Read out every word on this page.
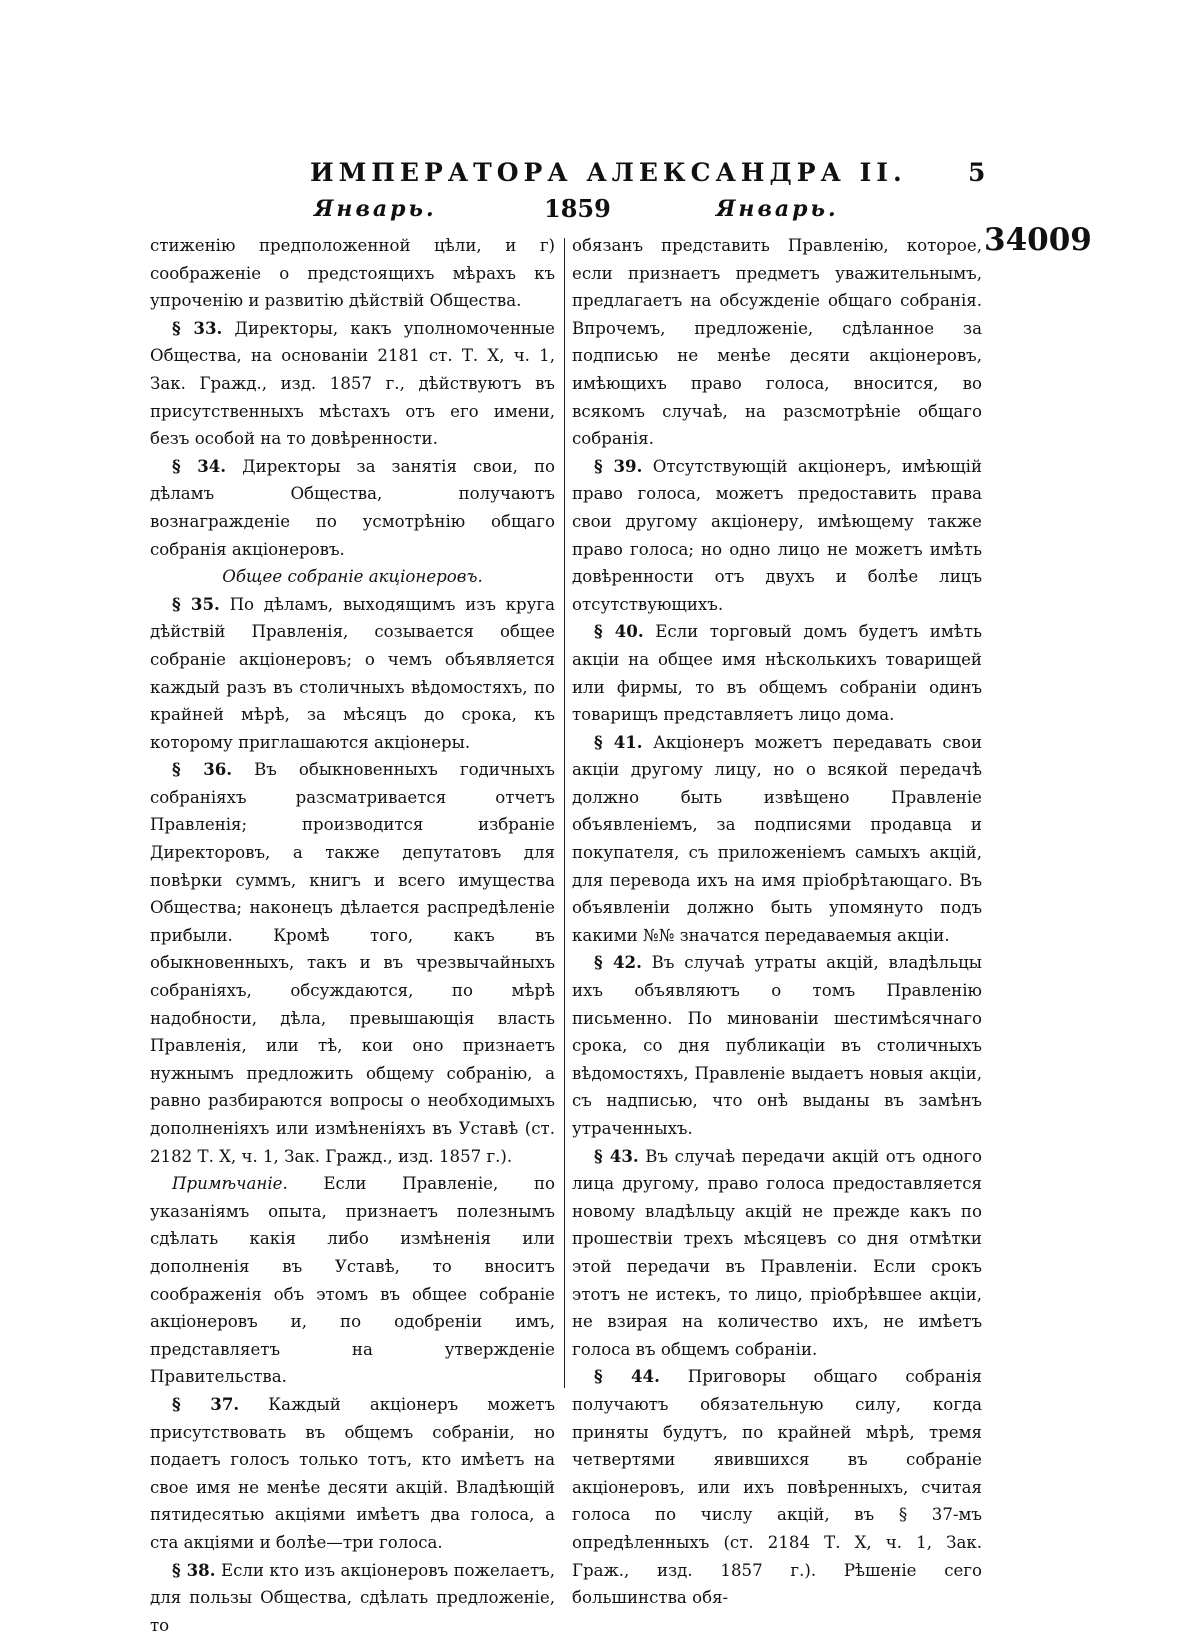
ИМПЕРАТОРА АЛЕКСАНДРА II. 5
Январь.	1859	Январь.
34009

стиженію предположенной цѣли, и г) соображеніе о предстоящихъ мѣрахъ къ упроченію и развитію дѣйствій Общества.

§ 33. Директоры, какъ уполномоченные Общества, на основаніи 2181 ст. Т. X, ч. 1, Зак. Гражд., изд. 1857 г., дѣйствуютъ въ присутственныхъ мѣстахъ отъ его имени, безъ особой на то довѣренности.

§ 34. Директоры за занятія свои, по дѣламъ Общества, получаютъ вознагражденіе по усмотрѣнію общаго собранія акціонеровъ.

Общее собраніе акціонеровъ.

§ 35. По дѣламъ, выходящимъ изъ круга дѣйствій Правленія, созывается общее собраніе акціонеровъ; о чемъ объявляется каждый разъ въ столичныхъ вѣдомостяхъ, по крайней мѣрѣ, за мѣсяцъ до срока, къ которому приглашаются акціонеры.

§ 36. Въ обыкновенныхъ годичныхъ собраніяхъ разсматривается отчетъ Правленія; производится избраніе Директоровъ, а также депутатовъ для повѣрки суммъ, книгъ и всего имущества Общества; наконецъ дѣлается распредѣленіе прибыли. Кромѣ того, какъ въ обыкновенныхъ, такъ и въ чрезвычайныхъ собраніяхъ, обсуждаются, по мѣрѣ надобности, дѣла, превышающія власть Правленія, или тѣ, кои оно признаетъ нужнымъ предложить общему собранію, а равно разбираются вопросы о необходимыхъ дополненіяхъ или измѣненіяхъ въ Уставѣ (ст. 2182 Т. X, ч. 1, Зак. Гражд., изд. 1857 г.).

Примѣчаніе. Если Правленіе, по указаніямъ опыта, признаетъ полезнымъ сдѣлать какія либо измѣненія или дополненія въ Уставѣ, то вноситъ соображенія объ этомъ въ общее собраніе акціонеровъ и, по одобреніи имъ, представляетъ на утвержденіе Правительства.

§ 37. Каждый акціонеръ можетъ присутствовать въ общемъ собраніи, но подаетъ голосъ только тотъ, кто имѣетъ на свое имя не менѣе десяти акцій. Владѣющій пятидесятью акціями имѣетъ два голоса, а ста акціями и болѣе—три голоса.

§ 38. Если кто изъ акціонеровъ пожелаетъ, для пользы Общества, сдѣлать предложеніе, то

обязанъ представить Правленію, которое, если признаетъ предметъ уважительнымъ, предлагаетъ на обсужденіе общаго собранія. Впрочемъ, предложеніе, сдѣланное за подписью не менѣе десяти акціонеровъ, имѣющихъ право голоса, вносится, во всякомъ случаѣ, на разсмотрѣніе общаго собранія.

§ 39. Отсутствующій акціонеръ, имѣющій право голоса, можетъ предоставить права свои другому акціонеру, имѣющему также право голоса; но одно лицо не можетъ имѣть довѣренности отъ двухъ и болѣе лицъ отсутствующихъ.

§ 40. Если торговый домъ будетъ имѣть акціи на общее имя нѣсколькихъ товарищей или фирмы, то въ общемъ собраніи одинъ товарищъ представляетъ лицо дома.

§ 41. Акціонеръ можетъ передавать свои акціи другому лицу, но о всякой передачѣ должно быть извѣщено Правленіе объявленіемъ, за подписями продавца и покупателя, съ приложеніемъ самыхъ акцій, для перевода ихъ на имя пріобрѣтающаго. Въ объявленіи должно быть упомянуто подъ какими №№ значатся передаваемыя акціи.

§ 42. Въ случаѣ утраты акцій, владѣльцы ихъ объявляютъ о томъ Правленію письменно. По минованіи шестимѣсячнаго срока, со дня публикаціи въ столичныхъ вѣдомостяхъ, Правленіе выдаетъ новыя акціи, съ надписью, что онѣ выданы въ замѣнъ утраченныхъ.

§ 43. Въ случаѣ передачи акцій отъ одного лица другому, право голоса предоставляется новому владѣльцу акцій не прежде какъ по прошествіи трехъ мѣсяцевъ со дня отмѣтки этой передачи въ Правленіи. Если срокъ этотъ не истекъ, то лицо, пріобрѣвшее акціи, не взирая на количество ихъ, не имѣетъ голоса въ общемъ собраніи.

§ 44. Приговоры общаго собранія получаютъ обязательную силу, когда приняты будутъ, по крайней мѣрѣ, тремя четвертями явившихся въ собраніе акціонеровъ, или ихъ повѣренныхъ, считая голоса по числу акцій, въ § 37-мъ опредѣленныхъ (ст. 2184 Т. X, ч. 1, Зак. Граж., изд. 1857 г.). Рѣшеніе сего большинства обя-
